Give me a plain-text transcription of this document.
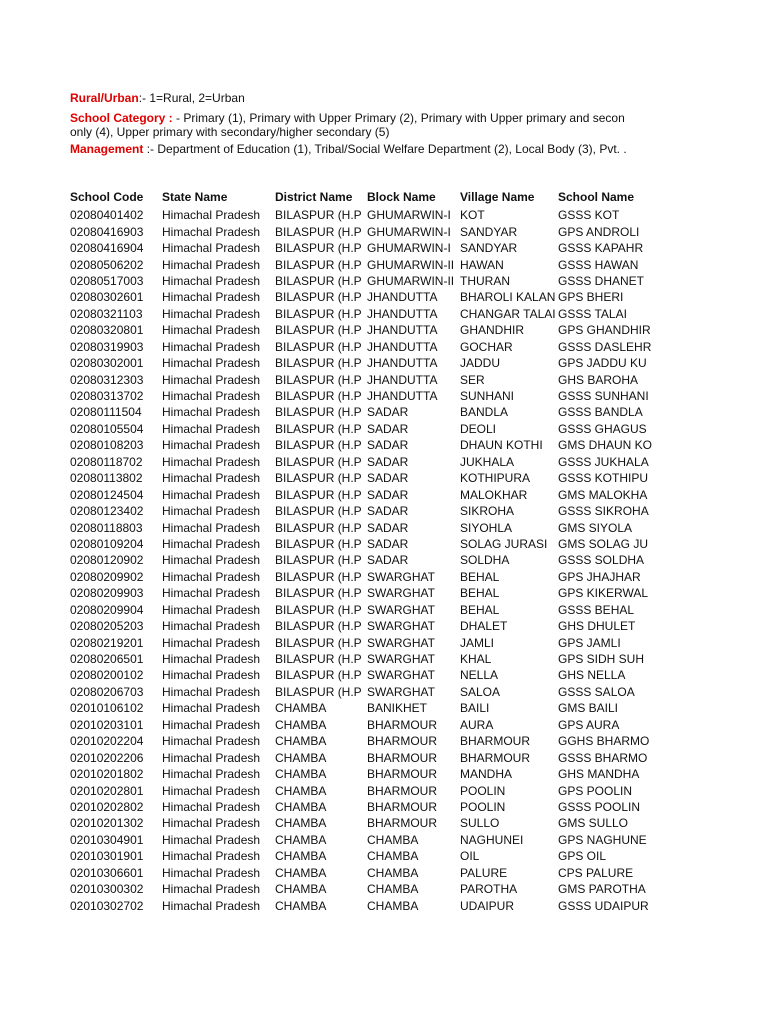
Rural/Urban:- 1=Rural, 2=Urban
School Category : - Primary (1), Primary with Upper Primary (2), Primary with Upper primary and secon
only (4), Upper primary with secondary/higher secondary (5)
Management :- Department of Education (1), Tribal/Social Welfare Department (2), Local Body (3), Pvt. .
School Code	State Name	District Name	Block Name	Village Name	School Name
02080401402	Himachal Pradesh	BILASPUR (H.P	GHUMARWIN-I	KOT	GSSS KOT
02080416903	Himachal Pradesh	BILASPUR (H.P	GHUMARWIN-I	SANDYAR	GPS ANDROLI
02080416904	Himachal Pradesh	BILASPUR (H.P	GHUMARWIN-I	SANDYAR	GSSS KAPAHR
02080506202	Himachal Pradesh	BILASPUR (H.P	GHUMARWIN-II	HAWAN	GSSS HAWAN
02080517003	Himachal Pradesh	BILASPUR (H.P	GHUMARWIN-II	THURAN	GSSS DHANET
02080302601	Himachal Pradesh	BILASPUR (H.P	JHANDUTTA	BHAROLI KALAN	GPS BHERI
02080321103	Himachal Pradesh	BILASPUR (H.P	JHANDUTTA	CHANGAR TALAI	GSSS TALAI
02080320801	Himachal Pradesh	BILASPUR (H.P	JHANDUTTA	GHANDHIR	GPS GHANDHIR
02080319903	Himachal Pradesh	BILASPUR (H.P	JHANDUTTA	GOCHAR	GSSS DASLEHR
02080302001	Himachal Pradesh	BILASPUR (H.P	JHANDUTTA	JADDU	GPS JADDU KU
02080312303	Himachal Pradesh	BILASPUR (H.P	JHANDUTTA	SER	GHS BAROHA
02080313702	Himachal Pradesh	BILASPUR (H.P	JHANDUTTA	SUNHANI	GSSS SUNHANI
02080111504	Himachal Pradesh	BILASPUR (H.P	SADAR	BANDLA	GSSS BANDLA
02080105504	Himachal Pradesh	BILASPUR (H.P	SADAR	DEOLI	GSSS GHAGUS
02080108203	Himachal Pradesh	BILASPUR (H.P	SADAR	DHAUN KOTHI	GMS DHAUN KO
02080118702	Himachal Pradesh	BILASPUR (H.P	SADAR	JUKHALA	GSSS JUKHALA
02080113802	Himachal Pradesh	BILASPUR (H.P	SADAR	KOTHIPURA	GSSS KOTHIPU
02080124504	Himachal Pradesh	BILASPUR (H.P	SADAR	MALOKHAR	GMS MALOKHA
02080123402	Himachal Pradesh	BILASPUR (H.P	SADAR	SIKROHA	GSSS SIKROHA
02080118803	Himachal Pradesh	BILASPUR (H.P	SADAR	SIYOHLA	GMS SIYOLA
02080109204	Himachal Pradesh	BILASPUR (H.P	SADAR	SOLAG JURASI	GMS SOLAG JU
02080120902	Himachal Pradesh	BILASPUR (H.P	SADAR	SOLDHA	GSSS SOLDHA
02080209902	Himachal Pradesh	BILASPUR (H.P	SWARGHAT	BEHAL	GPS JHAJHAR
02080209903	Himachal Pradesh	BILASPUR (H.P	SWARGHAT	BEHAL	GPS KIKERWAL
02080209904	Himachal Pradesh	BILASPUR (H.P	SWARGHAT	BEHAL	GSSS BEHAL
02080205203	Himachal Pradesh	BILASPUR (H.P	SWARGHAT	DHALET	GHS DHULET
02080219201	Himachal Pradesh	BILASPUR (H.P	SWARGHAT	JAMLI	GPS JAMLI
02080206501	Himachal Pradesh	BILASPUR (H.P	SWARGHAT	KHAL	GPS SIDH SUH
02080200102	Himachal Pradesh	BILASPUR (H.P	SWARGHAT	NELLA	GHS NELLA
02080206703	Himachal Pradesh	BILASPUR (H.P	SWARGHAT	SALOA	GSSS SALOA
02010106102	Himachal Pradesh	CHAMBA	BANIKHET	BAILI	GMS BAILI
02010203101	Himachal Pradesh	CHAMBA	BHARMOUR	AURA	GPS AURA
02010202204	Himachal Pradesh	CHAMBA	BHARMOUR	BHARMOUR	GGHS BHARMO
02010202206	Himachal Pradesh	CHAMBA	BHARMOUR	BHARMOUR	GSSS BHARMO
02010201802	Himachal Pradesh	CHAMBA	BHARMOUR	MANDHA	GHS MANDHA
02010202801	Himachal Pradesh	CHAMBA	BHARMOUR	POOLIN	GPS POOLIN
02010202802	Himachal Pradesh	CHAMBA	BHARMOUR	POOLIN	GSSS POOLIN
02010201302	Himachal Pradesh	CHAMBA	BHARMOUR	SULLO	GMS SULLO
02010304901	Himachal Pradesh	CHAMBA	CHAMBA	NAGHUNEI	GPS NAGHUNE
02010301901	Himachal Pradesh	CHAMBA	CHAMBA	OIL	GPS OIL
02010306601	Himachal Pradesh	CHAMBA	CHAMBA	PALURE	CPS PALURE
02010300302	Himachal Pradesh	CHAMBA	CHAMBA	PAROTHA	GMS PAROTHA
02010302702	Himachal Pradesh	CHAMBA	CHAMBA	UDAIPUR	GSSS UDAIPUR
